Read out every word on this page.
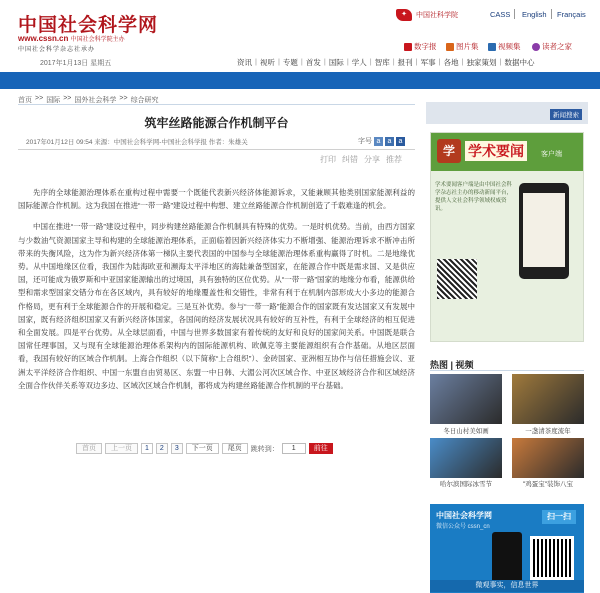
中国社会科学网
www.cssn.cn 中国社会科学院主办
中国社会科学杂志社承办
✦	中国社科学院	CASS English Français
数字报	图片集	视频集	读者之家
2017年1月13日 星期五	资讯 | 视听 | 专题 | 首发 | 国际 | 学人 | 智库 | 报刊 | 军事 | 各地 | 独家策划 | 数据中心
首页 >> 国际 >> 国外社会科学 >> 综合研究
筑牢丝路能源合作机制平台
2017年01月12日 09:54 来源：中国社会科学网-中国社会科学报 作者：朱雄关	字号 a	a	a
打印 纠错 分享 推荐

先序的全球能源治理体系在重构过程中需要一个既能代表新兴经济体能源诉求，又能兼顾其他类别国家能源利益的国际能源合作机制。这为我国在推进“一带一路”建设过程中构想、建立丝路能源合作机制创造了千载难逢的机会。

中国在推进“一带一路”建设过程中，同步构建丝路能源合作机制具有特殊的优势。一是时机优势。当前，由西方国家与少数油气资源国家主导和构建的全球能源治理体系，正面临着因新兴经济体实力不断增强、能源治理诉求不断冲击所带来的失衡风险，这为作为新兴经济体第一梯队主要代表国的中国参与全球能源治理体系重构赢得了时机。二是地缘优势。从中国地缘区位看，我国作为陆海欧亚和濒海太平洋地区的海陆兼备型国家，在能源合作中既是需求国、又是供应国，还可能成为俄罗斯和中亚国家能源输出的过境国，具有独特的区位优势。从“一带一路”国家的地缘分布看，能源供给型和需求型国家交错分布在各区域内，具有较好的地缘覆盖性和交错性，非常有利于在机制内部形成大小多边的能源合作格局，更有利于全球能源合作的开展和稳定。三是互补优势。参与“一带一路”能源合作的国家既有发达国家又有发展中国家，既有经济组织国家又有新兴经济体国家，各国间的经济发展状况具有较好的互补性，有利于全球经济的相互促进和全面发展。四是平台优势。从全球层面看，中国与世界多数国家有着传统的友好和良好的国家间关系。中国既是联合国常任理事国，又与现有全球能源治理体系架构内的国际能源机构、欧佩克等主要能源组织有合作基础。从地区层面看，我国有较好的区域合作机制。上海合作组织（以下简称“上合组织”）、金砖国家、亚洲相互协作与信任措施会议、亚洲太平洋经济合作组织、中国一东盟自由贸易区、东盟一中日韩、大湄公河次区域合作、中亚区域经济合作和区域经济全面合作伙伴关系等双边多边、区域次区域合作机制，都将成为构建丝路能源合作机制的平台基础。

首页	上一页	1	2	3	下一页	尾页	跳转到：	1	前往
新闻搜索
学 学术要闻	客户端
学术要闻客户端是由中国社会科学杂志社主办的移动新闻平台，提供人文社会科学领域权威资讯。
热图 | 视频
冬日山村美如画	一盏清茶度流年
哈尔滨国际冰雪节	"鸡蛋宝"装饰八宝
中国社会科学网
微信公众号 cssn_cn
扫一扫
微观事实，信息世界
